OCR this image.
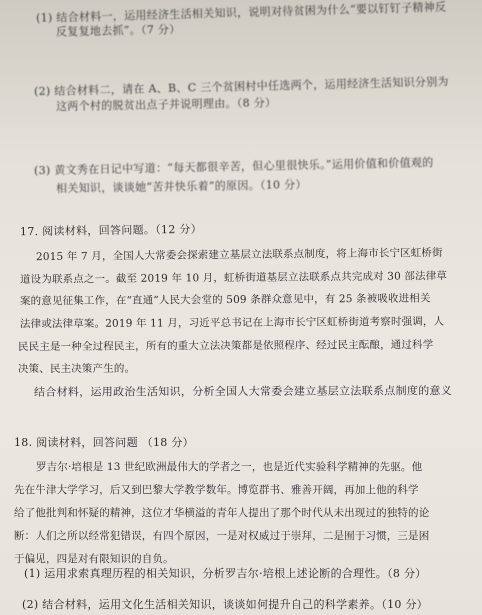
(1) 结合材料一，运用经济生活相关知识，说明对待贫困为什么“要以钉钉子精神反
反复复地去抓”。（7 分）
(2) 结合材料二，请在 A、B、C 三个贫困村中任选两个，运用经济生活知识分别为
这两个村的脱贫出点子并说明理由。（8 分）
(3) 黄文秀在日记中写道：“每天都很辛苦，但心里很快乐。”运用价值和价值观的
相关知识，谈谈她“苦并快乐着”的原因。（10 分）
17. 阅读材料，回答问题。（12 分）
2015 年 7 月，全国人大常委会探索建立基层立法联系点制度，将上海市长宁区虹桥街
道设为联系点之一。截至 2019 年 10 月，虹桥街道基层立法联系点共完成对 30 部法律草
案的意见征集工作，在“直通”人民大会堂的 509 条群众意见中，有 25 条被吸收进相关
法律或法律草案。2019 年 11 月，习近平总书记在上海市长宁区虹桥街道考察时强调，人
民民主是一种全过程民主，所有的重大立法决策都是依照程序、经过民主酝酿，通过科学
决策、民主决策产生的。
结合材料，运用政治生活知识，分析全国人大常委会建立基层立法联系点制度的意义
18. 阅读材料，回答问题 （18 分）
罗吉尔·培根是 13 世纪欧洲最伟大的学者之一，也是近代实验科学精神的先驱。他
先在牛津大学学习，后又到巴黎大学教学数年。博览群书、雅善开阔，再加上他的科学
给了他批判和怀疑的精神，这位才华横溢的青年人提出了那个时代从未出现过的独特的论
断：人们之所以经常犯错误，有四个原因，一是对权威过于崇拜，二是囿于习惯，三是困
于偏见，四是对有限知识的自负。
(1) 运用求索真理历程的相关知识，分析罗吉尔·培根上述论断的合理性。（8 分）
(2) 结合材料，运用文化生活相关知识，谈谈如何提升自己的科学素养。（10 分）
